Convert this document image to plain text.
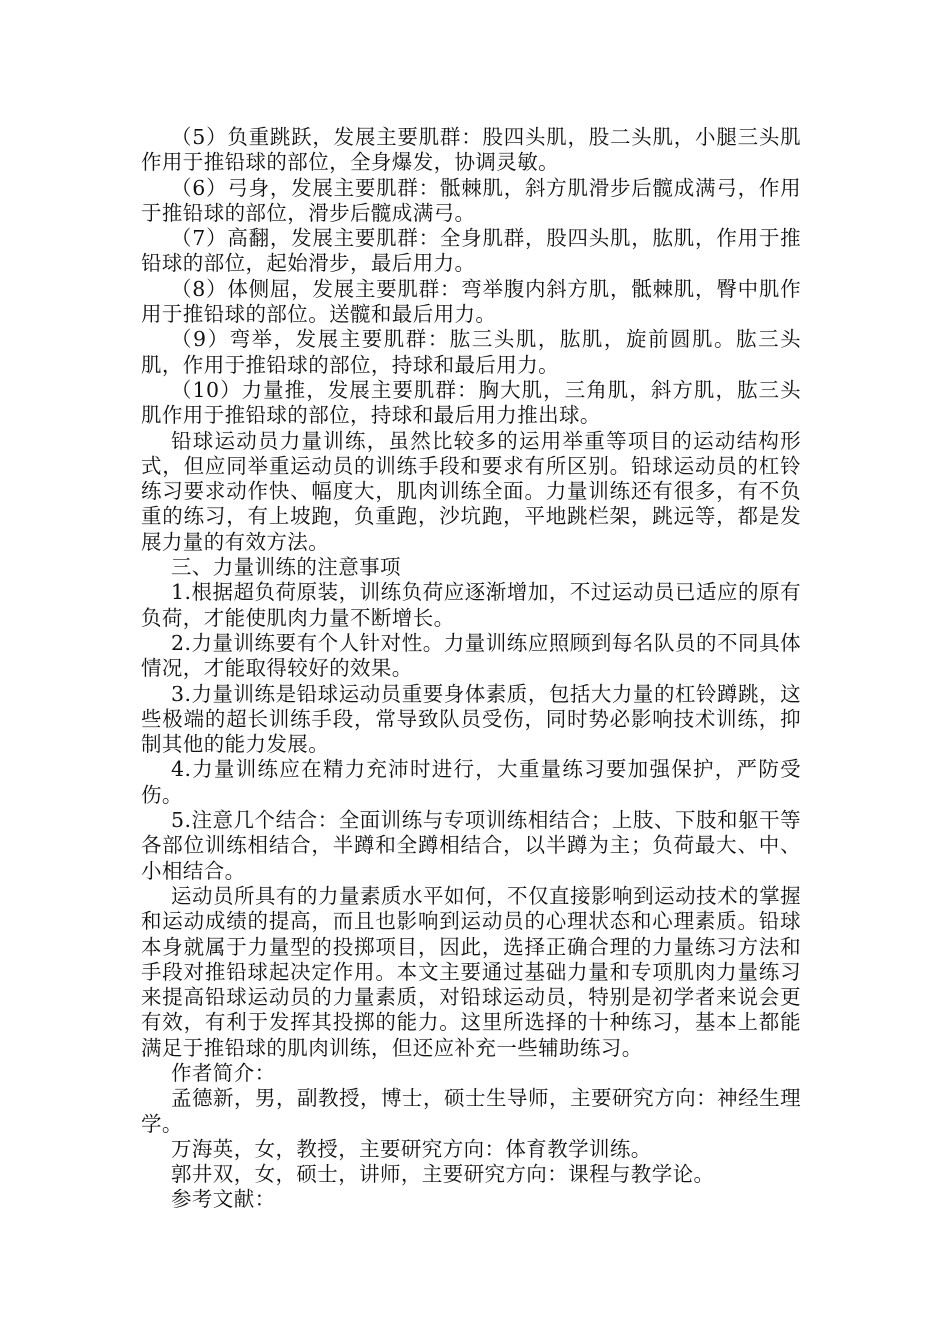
（5）负重跳跃，发展主要肌群：股四头肌，股二头肌，小腿三头肌作用于推铅球的部位，全身爆发，协调灵敏。

（6）弓身，发展主要肌群：骶棘肌，斜方肌滑步后髋成满弓，作用于推铅球的部位，滑步后髋成满弓。

（7）高翻，发展主要肌群：全身肌群，股四头肌，肱肌，作用于推铅球的部位，起始滑步，最后用力。

（8）体侧屈，发展主要肌群：弯举腹内斜方肌，骶棘肌，臀中肌作用于推铅球的部位。送髋和最后用力。

（9）弯举，发展主要肌群：肱三头肌，肱肌，旋前圆肌。肱三头肌，作用于推铅球的部位，持球和最后用力。

（10）力量推，发展主要肌群：胸大肌，三角肌，斜方肌，肱三头肌作用于推铅球的部位，持球和最后用力推出球。

铅球运动员力量训练，虽然比较多的运用举重等项目的运动结构形式，但应同举重运动员的训练手段和要求有所区别。铅球运动员的杠铃练习要求动作快、幅度大，肌肉训练全面。力量训练还有很多，有不负重的练习，有上坡跑，负重跑，沙坑跑，平地跳栏架，跳远等，都是发展力量的有效方法。

三、力量训练的注意事项

1.根据超负荷原装，训练负荷应逐渐增加，不过运动员已适应的原有负荷，才能使肌肉力量不断增长。

2.力量训练要有个人针对性。力量训练应照顾到每名队员的不同具体情况，才能取得较好的效果。

3.力量训练是铅球运动员重要身体素质，包括大力量的杠铃蹲跳，这些极端的超长训练手段，常导致队员受伤，同时势必影响技术训练，抑制其他的能力发展。

4.力量训练应在精力充沛时进行，大重量练习要加强保护，严防受伤。

5.注意几个结合：全面训练与专项训练相结合；上肢、下肢和躯干等各部位训练相结合，半蹲和全蹲相结合，以半蹲为主；负荷最大、中、小相结合。

运动员所具有的力量素质水平如何，不仅直接影响到运动技术的掌握和运动成绩的提高，而且也影响到运动员的心理状态和心理素质。铅球本身就属于力量型的投掷项目，因此，选择正确合理的力量练习方法和手段对推铅球起决定作用。本文主要通过基础力量和专项肌肉力量练习来提高铅球运动员的力量素质，对铅球运动员，特别是初学者来说会更有效，有利于发挥其投掷的能力。这里所选择的十种练习，基本上都能满足于推铅球的肌肉训练，但还应补充一些辅助练习。

作者简介：

孟德新，男，副教授，博士，硕士生导师，主要研究方向：神经生理学。

万海英，女，教授，主要研究方向：体育教学训练。

郭井双，女，硕士，讲师，主要研究方向：课程与教学论。

参考文献：
